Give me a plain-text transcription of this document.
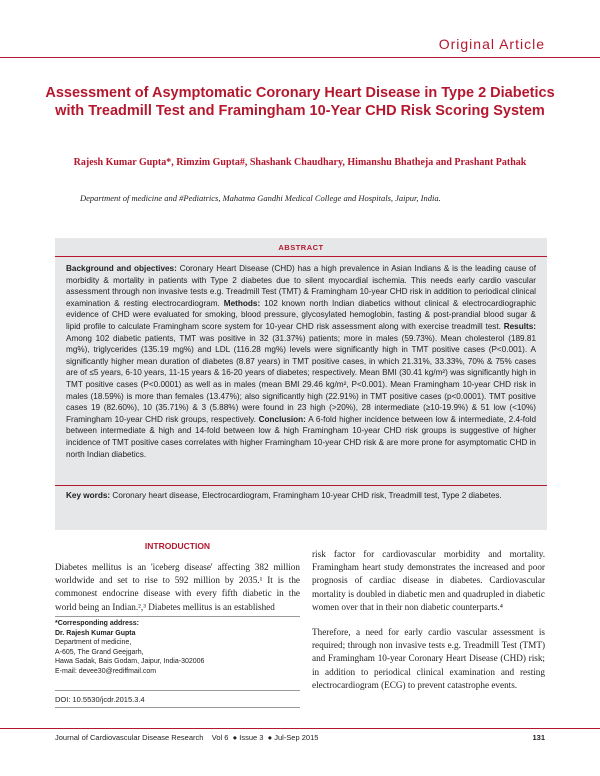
Original Article
Assessment of Asymptomatic Coronary Heart Disease in Type 2 Diabetics with Treadmill Test and Framingham 10-Year CHD Risk Scoring System
Rajesh Kumar Gupta*, Rimzim Gupta#, Shashank Chaudhary, Himanshu Bhatheja and Prashant Pathak
Department of medicine and #Pediatrics, Mahatma Gandhi Medical College and Hospitals, Jaipur, India.
ABSTRACT
Background and objectives: Coronary Heart Disease (CHD) has a high prevalence in Asian Indians & is the leading cause of morbidity & mortality in patients with Type 2 diabetes due to silent myocardial ischemia. This needs early cardio vascular assessment through non invasive tests e.g. Treadmill Test (TMT) & Framingham 10-year CHD risk in addition to periodical clinical examination & resting electrocardiogram. Methods: 102 known north Indian diabetics without clinical & electrocardiographic evidence of CHD were evaluated for smoking, blood pressure, glycosylated hemoglobin, fasting & post-prandial blood sugar & lipid profile to calculate Framingham score system for 10-year CHD risk assessment along with exercise treadmill test. Results: Among 102 diabetic patients, TMT was positive in 32 (31.37%) patients; more in males (59.73%). Mean cholesterol (189.81 mg%), triglycerides (135.19 mg%) and LDL (116.28 mg%) levels were significantly high in TMT positive cases (P<0.001). A significantly higher mean duration of diabetes (8.87 years) in TMT positive cases, in which 21.31%, 33.33%, 70% & 75% cases are of ≤5 years, 6-10 years, 11-15 years & 16-20 years of diabetes; respectively. Mean BMI (30.41 kg/m²) was significantly high in TMT positive cases (P<0.0001) as well as in males (mean BMI 29.46 kg/m², P<0.001). Mean Framingham 10-year CHD risk in males (18.59%) is more than females (13.47%); also significantly high (22.91%) in TMT positive cases (p<0.0001). TMT positive cases 19 (82.60%), 10 (35.71%) & 3 (5.88%) were found in 23 high (>20%), 28 intermediate (≥10-19.9%) & 51 low (<10%) Framingham 10-year CHD risk groups, respectively. Conclusion: A 6-fold higher incidence between low & intermediate, 2.4-fold between intermediate & high and 14-fold between low & high Framingham 10-year CHD risk groups is suggestive of higher incidence of TMT positive cases correlates with higher Framingham 10-year CHD risk & are more prone for asymptomatic CHD in north Indian diabetics.
Key words: Coronary heart disease, Electrocardiogram, Framingham 10-year CHD risk, Treadmill test, Type 2 diabetes.
INTRODUCTION
Diabetes mellitus is an 'iceberg disease' affecting 382 million worldwide and set to rise to 592 million by 2035.¹ It is the commonest endocrine disease with every fifth diabetic in the world being an Indian.²,³ Diabetes mellitus is an established

risk factor for cardiovascular morbidity and mortality. Framingham heart study demonstrates the increased and poor prognosis of cardiac disease in diabetes. Cardiovascular mortality is doubled in diabetic men and quadrupled in diabetic women over that in their non diabetic counterparts.⁴

Therefore, a need for early cardio vascular assessment is required; through non invasive tests e.g. Treadmill Test (TMT) and Framingham 10-year Coronary Heart Disease (CHD) risk; in addition to periodical clinical examination and resting electrocardiogram (ECG) to prevent catastrophe events.

*Corresponding address:
Dr. Rajesh Kumar Gupta
Department of medicine,
A-605, The Grand Geejgarh,
Hawa Sadak, Bais Godam, Jaipur, India-302006
E-mail: devee30@rediffmail.com
DOI: 10.5530/jcdr.2015.3.4
Journal of Cardiovascular Disease Research Vol 6  ● Issue 3  ● Jul-Sep 2015	131
